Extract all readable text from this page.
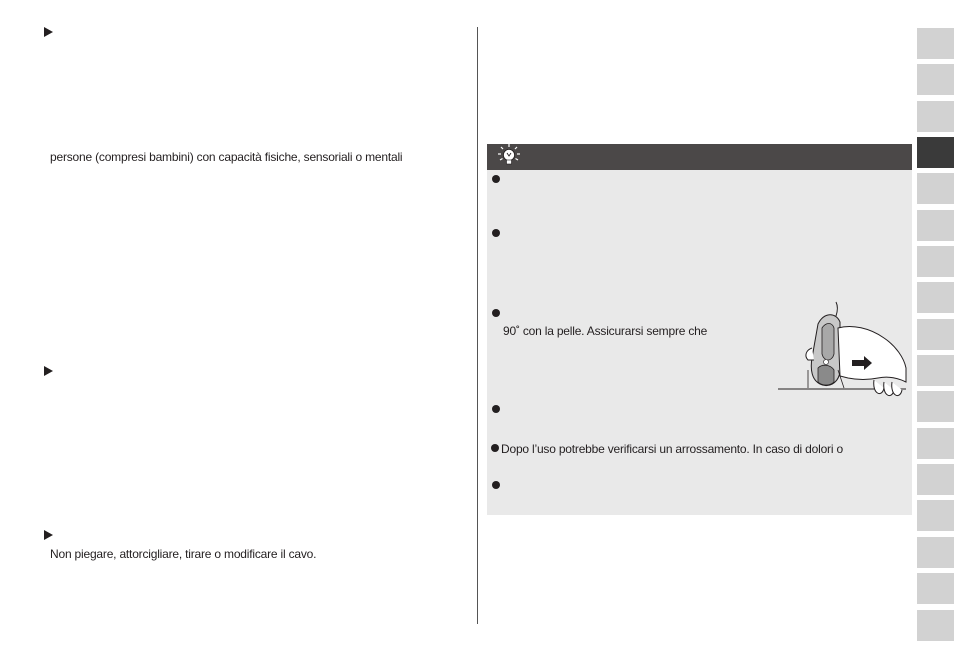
persone (compresi bambini) con capacità fisiche, sensoriali o mentali
Non piegare, attorcigliare, tirare o modificare il cavo.
90˚ con la pelle. Assicurarsi sempre che
Dopo l’uso potrebbe verificarsi un arrossamento. In caso di dolori o
